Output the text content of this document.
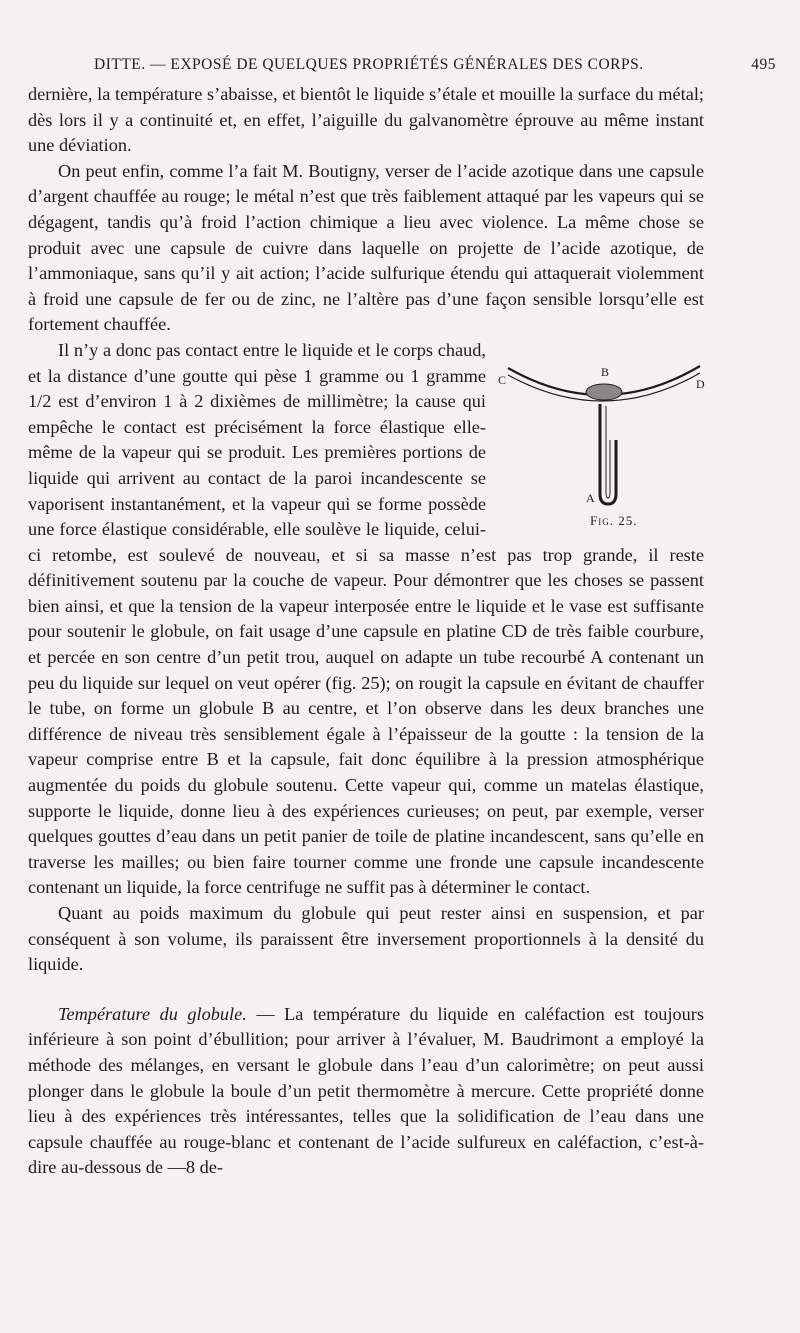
DITTE. — EXPOSÉ DE QUELQUES PROPRIÉTÉS GÉNÉRALES DES CORPS.	495

dernière, la température s’abaisse, et bientôt le liquide s’étale et mouille la surface du métal; dès lors il y a continuité et, en effet, l’aiguille du galvanomètre éprouve au même instant une déviation.

On peut enfin, comme l’a fait M. Boutigny, verser de l’acide azotique dans une capsule d’argent chauffée au rouge; le métal n’est que très faiblement attaqué par les vapeurs qui se dégagent, tandis qu’à froid l’action chimique a lieu avec violence. La même chose se produit avec une capsule de cuivre dans laquelle on projette de l’acide azotique, de l’ammoniaque, sans qu’il y ait action; l’acide sulfurique étendu qui attaquerait violemment à froid une capsule de fer ou de zinc, ne l’altère pas d’une façon sensible lorsqu’elle est fortement chauffée.

B
C	D
A
Fig. 25.

Il n’y a donc pas contact entre le liquide et le corps chaud, et la distance d’une goutte qui pèse 1 gramme ou 1 gramme 1/2 est d’environ 1 à 2 dixièmes de millimètre; la cause qui empêche le contact est précisément la force élastique elle-même de la vapeur qui se produit. Les premières portions de liquide qui arrivent au contact de la paroi incandescente se vaporisent instantanément, et la vapeur qui se forme possède une force élastique considérable, elle soulève le liquide, celui-ci retombe, est soulevé de nouveau, et si sa masse n’est pas trop grande, il reste définitivement soutenu par la couche de vapeur. Pour démontrer que les choses se passent bien ainsi, et que la tension de la vapeur interposée entre le liquide et le vase est suffisante pour soutenir le globule, on fait usage d’une capsule en platine CD de très faible courbure, et percée en son centre d’un petit trou, auquel on adapte un tube recourbé A contenant un peu du liquide sur lequel on veut opérer (fig. 25); on rougit la capsule en évitant de chauffer le tube, on forme un globule B au centre, et l’on observe dans les deux branches une différence de niveau très sensiblement égale à l’épaisseur de la goutte : la tension de la vapeur comprise entre B et la capsule, fait donc équilibre à la pression atmosphérique augmentée du poids du globule soutenu. Cette vapeur qui, comme un matelas élastique, supporte le liquide, donne lieu à des expériences curieuses; on peut, par exemple, verser quelques gouttes d’eau dans un petit panier de toile de platine incandescent, sans qu’elle en traverse les mailles; ou bien faire tourner comme une fronde une capsule incandescente contenant un liquide, la force centrifuge ne suffit pas à déterminer le contact.

Quant au poids maximum du globule qui peut rester ainsi en suspension, et par conséquent à son volume, ils paraissent être inversement proportionnels à la densité du liquide.

Température du globule. — La température du liquide en caléfaction est toujours inférieure à son point d’ébullition; pour arriver à l’évaluer, M. Baudrimont a employé la méthode des mélanges, en versant le globule dans l’eau d’un calorimètre; on peut aussi plonger dans le globule la boule d’un petit thermomètre à mercure. Cette propriété donne lieu à des expériences très intéressantes, telles que la solidification de l’eau dans une capsule chauffée au rouge-blanc et contenant de l’acide sulfureux en caléfaction, c’est-à-dire au-dessous de —8 de-
